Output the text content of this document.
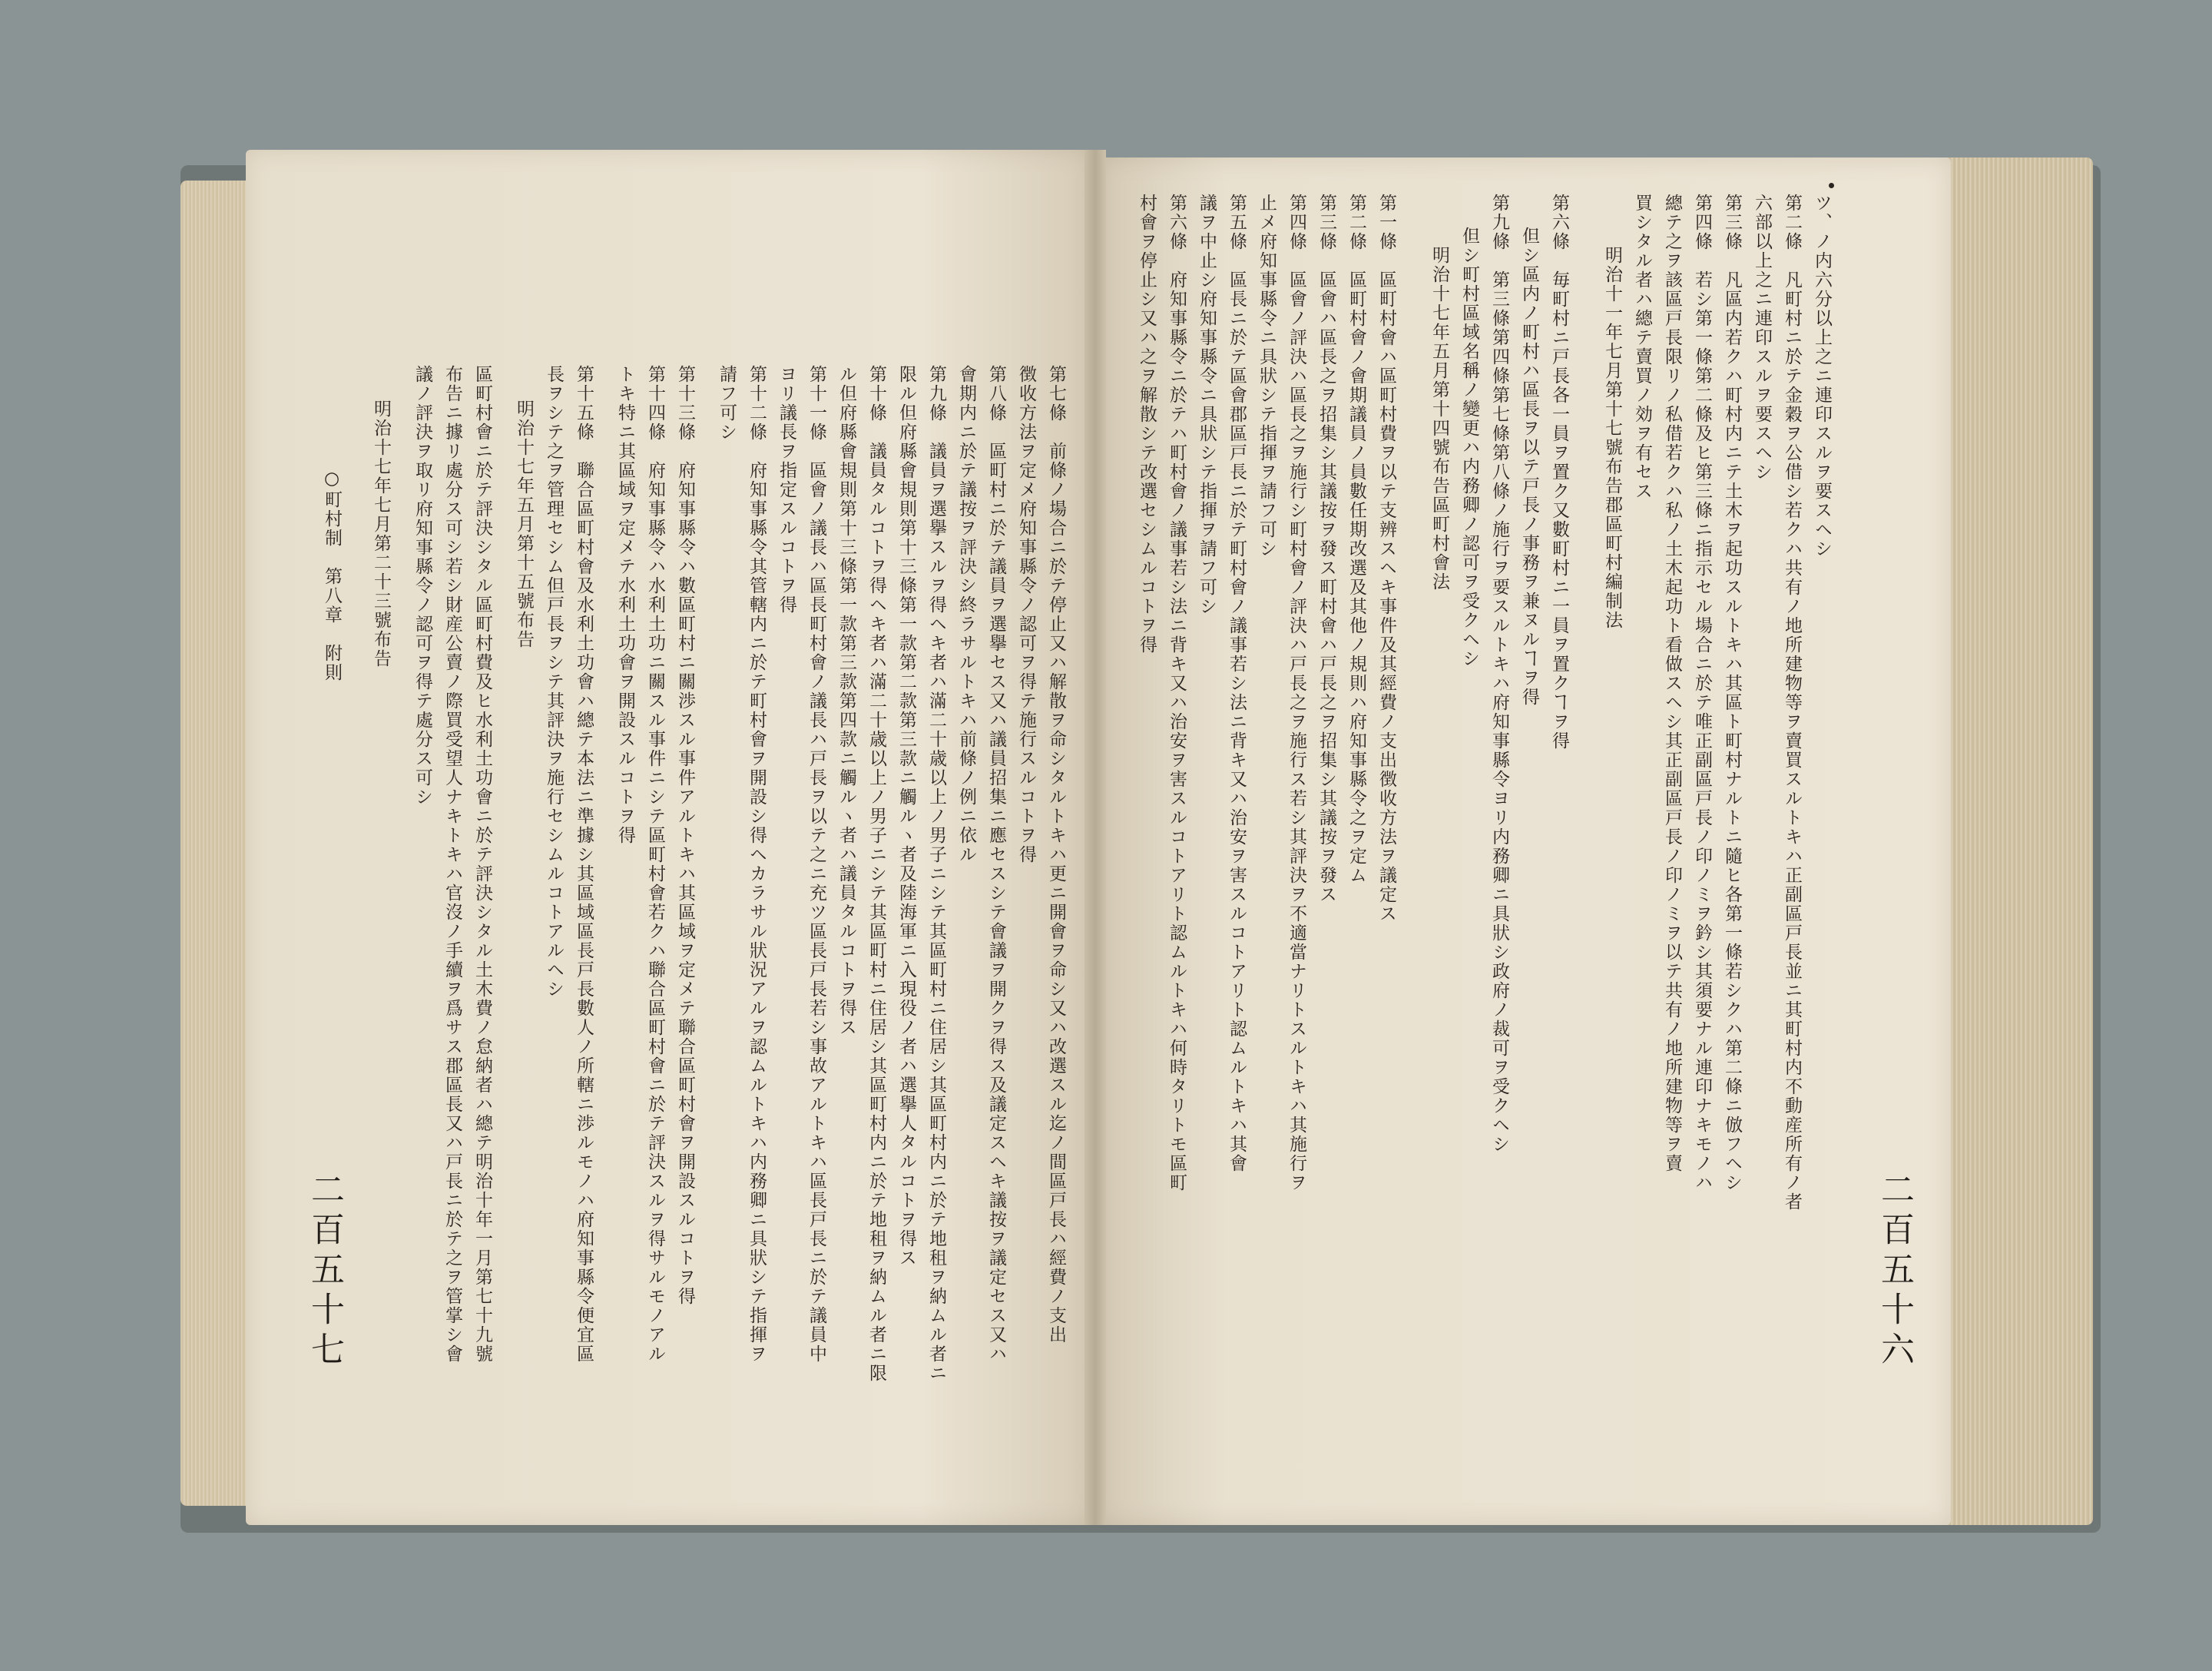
二百五十六
ツ、ノ内六分以上之ニ連印スルヲ要スヘシ
第二條　凡町村ニ於テ金穀ヲ公借シ若クハ共有ノ地所建物等ヲ賣買スルトキハ正副區戸長並ニ其町村内不動産所有ノ者
六部以上之ニ連印スルヲ要スヘシ
第三條　凡區内若クハ町村内ニテ土木ヲ起功スルトキハ其區ト町村ナルトニ隨ヒ各第一條若シクハ第二條ニ倣フヘシ
第四條　若シ第一條第二條及ヒ第三條ニ指示セル場合ニ於テ唯正副區戸長ノ印ノミヲ鈐シ其須要ナル連印ナキモノハ
總テ之ヲ該區戸長限リノ私借若クハ私ノ土木起功ト看做スヘシ其正副區戸長ノ印ノミヲ以テ共有ノ地所建物等ヲ賣
買シタル者ハ總テ賣買ノ効ヲ有セス
明治十一年七月第十七號布告郡區町村編制法
第六條　毎町村ニ戸長各一員ヲ置ク又數町村ニ一員ヲ置クヿヲ得
但シ區内ノ町村ハ區長ヲ以テ戸長ノ事務ヲ兼ヌルヿヲ得
第九條　第三條第四條第七條第八條ノ施行ヲ要スルトキハ府知事縣令ヨリ内務卿ニ具狀シ政府ノ裁可ヲ受クヘシ
但シ町村區域名稱ノ變更ハ内務卿ノ認可ヲ受クヘシ
明治十七年五月第十四號布告區町村會法
第一條　區町村會ハ區町村費ヲ以テ支辨スヘキ事件及其經費ノ支出徴收方法ヲ議定ス
第二條　區町村會ノ會期議員ノ員數任期改選及其他ノ規則ハ府知事縣令之ヲ定ム
第三條　區會ハ區長之ヲ招集シ其議按ヲ發ス町村會ハ戸長之ヲ招集シ其議按ヲ發ス
第四條　區會ノ評決ハ區長之ヲ施行シ町村會ノ評決ハ戸長之ヲ施行ス若シ其評決ヲ不適當ナリトスルトキハ其施行ヲ
止メ府知事縣令ニ具狀シテ指揮ヲ請フ可シ
第五條　區長ニ於テ區會郡區戸長ニ於テ町村會ノ議事若シ法ニ背キ又ハ治安ヲ害スルコトアリト認ムルトキハ其會
議ヲ中止シ府知事縣令ニ具狀シテ指揮ヲ請フ可シ
第六條　府知事縣令ニ於テハ町村會ノ議事若シ法ニ背キ又ハ治安ヲ害スルコトアリト認ムルトキハ何時タリトモ區町
村會ヲ停止シ又ハ之ヲ解散シテ改選セシムルコトヲ得
二百五十七	第七條　前條ノ場合ニ於テ停止又ハ解散ヲ命シタルトキハ更ニ開會ヲ命シ又ハ改選スル迄ノ間區戸長ハ經費ノ支出
徴收方法ヲ定メ府知事縣令ノ認可ヲ得テ施行スルコトヲ得
第八條　區町村ニ於テ議員ヲ選擧セス又ハ議員招集ニ應セスシテ會議ヲ開クヲ得ス及議定スヘキ議按ヲ議定セス又ハ
會期内ニ於テ議按ヲ評決シ終ラサルトキハ前條ノ例ニ依ル
第九條　議員ヲ選擧スルヲ得ヘキ者ハ滿二十歳以上ノ男子ニシテ其區町村ニ住居シ其區町村内ニ於テ地租ヲ納ムル者ニ
限ル但府縣會規則第十三條第一款第二款第三款ニ觸ルヽ者及陸海軍ニ入現役ノ者ハ選擧人タルコトヲ得ス
第十條　議員タルコトヲ得ヘキ者ハ滿二十歳以上ノ男子ニシテ其區町村ニ住居シ其區町村内ニ於テ地租ヲ納ムル者ニ限
ル但府縣會規則第十三條第一款第三款第四款ニ觸ルヽ者ハ議員タルコトヲ得ス
第十一條　區會ノ議長ハ區長町村會ノ議長ハ戸長ヲ以テ之ニ充ツ區長戸長若シ事故アルトキハ區長戸長ニ於テ議員中
ヨリ議長ヲ指定スルコトヲ得
第十二條　府知事縣令其管轄内ニ於テ町村會ヲ開設シ得ヘカラサル狀況アルヲ認ムルトキハ内務卿ニ具狀シテ指揮ヲ
請フ可シ
第十三條　府知事縣令ハ數區町村ニ關渉スル事件アルトキハ其區域ヲ定メテ聯合區町村會ヲ開設スルコトヲ得
第十四條　府知事縣令ハ水利土功ニ關スル事件ニシテ區町村會若クハ聯合區町村會ニ於テ評決スルヲ得サルモノアル
トキ特ニ其區域ヲ定メテ水利土功會ヲ開設スルコトヲ得
第十五條　聯合區町村會及水利土功會ハ總テ本法ニ準據シ其區域區長戸長數人ノ所轄ニ渉ルモノハ府知事縣令便宜區
長ヲシテ之ヲ管理セシム但戸長ヲシテ其評決ヲ施行セシムルコトアルヘシ
明治十七年五月第十五號布告
區町村會ニ於テ評決シタル區町村費及ヒ水利土功會ニ於テ評決シタル土木費ノ怠納者ハ總テ明治十年一月第七十九號
布告ニ據リ處分ス可シ若シ財産公賣ノ際買受望人ナキトキハ官沒ノ手續ヲ爲サス郡區長又ハ戸長ニ於テ之ヲ管掌シ會
議ノ評決ヲ取リ府知事縣令ノ認可ヲ得テ處分ス可シ
明治十七年七月第二十三號布告
○町村制　第八章　附則
